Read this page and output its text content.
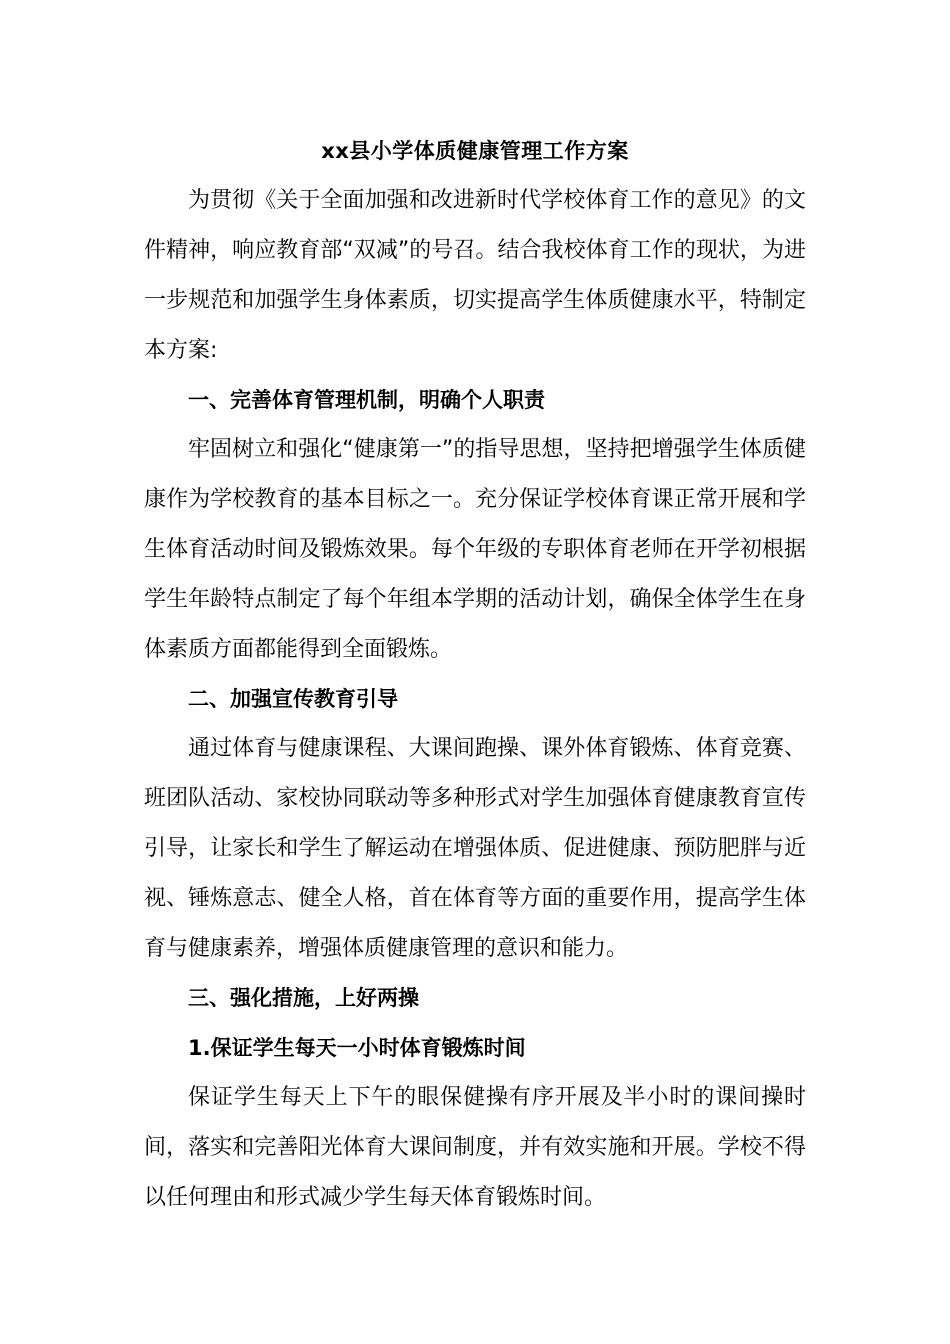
xx县小学体质健康管理工作方案

为贯彻《关于全面加强和改进新时代学校体育工作的意见》的文件精神，响应教育部“双减”的号召。结合我校体育工作的现状，为进一步规范和加强学生身体素质，切实提高学生体质健康水平，特制定本方案:

一、完善体育管理机制，明确个人职责

牢固树立和强化“健康第一”的指导思想，坚持把增强学生体质健康作为学校教育的基本目标之一。充分保证学校体育课正常开展和学生体育活动时间及锻炼效果。每个年级的专职体育老师在开学初根据学生年龄特点制定了每个年组本学期的活动计划，确保全体学生在身体素质方面都能得到全面锻炼。

二、加强宣传教育引导

通过体育与健康课程、大课间跑操、课外体育锻炼、体育竞赛、班团队活动、家校协同联动等多种形式对学生加强体育健康教育宣传引导，让家长和学生了解运动在增强体质、促进健康、预防肥胖与近视、锤炼意志、健全人格，首在体育等方面的重要作用，提高学生体育与健康素养，增强体质健康管理的意识和能力。

三、强化措施，上好两操

1.保证学生每天一小时体育锻炼时间

保证学生每天上下午的眼保健操有序开展及半小时的课间操时间，落实和完善阳光体育大课间制度，并有效实施和开展。学校不得以任何理由和形式减少学生每天体育锻炼时间。
